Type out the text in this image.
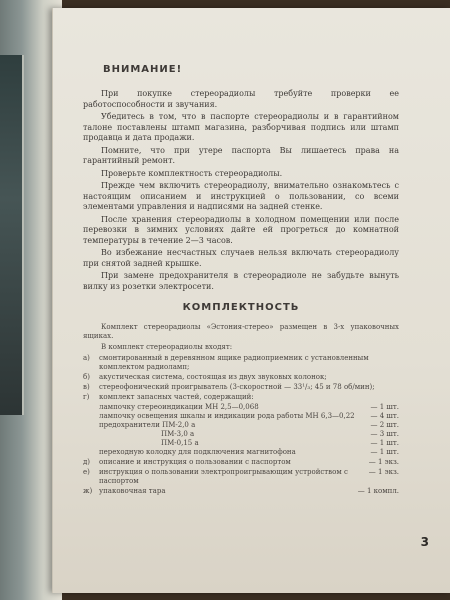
ВНИМАНИЕ!

При покупке стереорадиолы требуйте проверки ее работоспособности и звучания.

Убедитесь в том, что в паспорте стереорадиолы и в гарантийном талоне поставлены штамп магазина, разборчивая подпись или штамп продавца и дата продажи.

Помните, что при утере паспорта Вы лишаетесь права на гарантийный ремонт.

Проверьте комплектность стереорадиолы.

Прежде чем включить стереорадиолу, внимательно ознакомьтесь с настоящим описанием и инструкцией о пользовании, со всеми элементами управления и надписями на задней стенке.

После хранения стереорадиолы в холодном помещении или после перевозки в зимних условиях дайте ей прогреться до комнатной температуры в течение 2—3 часов.

Во избежание несчастных случаев нельзя включать стереорадиолу при снятой задней крышке.

При замене предохранителя в стереорадиоле не забудьте вынуть вилку из розетки электросети.

КОМПЛЕКТНОСТЬ

Комплект стереорадиолы «Эстония-стерео» размещен в 3-х упаковочных ящиках.

В комплект стереорадиолы входят:

а)	смонтированный в деревянном ящике радиоприемник с установленным комплектом радиоламп;
б)	акустическая система, состоящая из двух звуковых колонок;
в)	стереофонический проигрыватель (3-скоростной — 33¹/₃; 45 и 78 об/мин);
г)	комплект запасных частей, содержащий:
лампочку стереоиндикации МН 2,5—0,068	— 1 шт.
лампочку освещения шкалы и индикации рода работы МН 6,3—0,22	— 4 шт.
предохранители ПМ-2,0 а	— 2 шт.
ПМ-3,0 а	— 3 шт.
ПМ-0,15 а	— 1 шт.
переходную колодку для подключения магнитофона	— 1 шт.
д)	описание и инструкция о пользовании с паспортом	— 1 экз.
е)	инструкция о пользовании электропроигрывающим устройством с паспортом
— 1 экз.
ж) упаковочная тара	— 1 компл.
3
